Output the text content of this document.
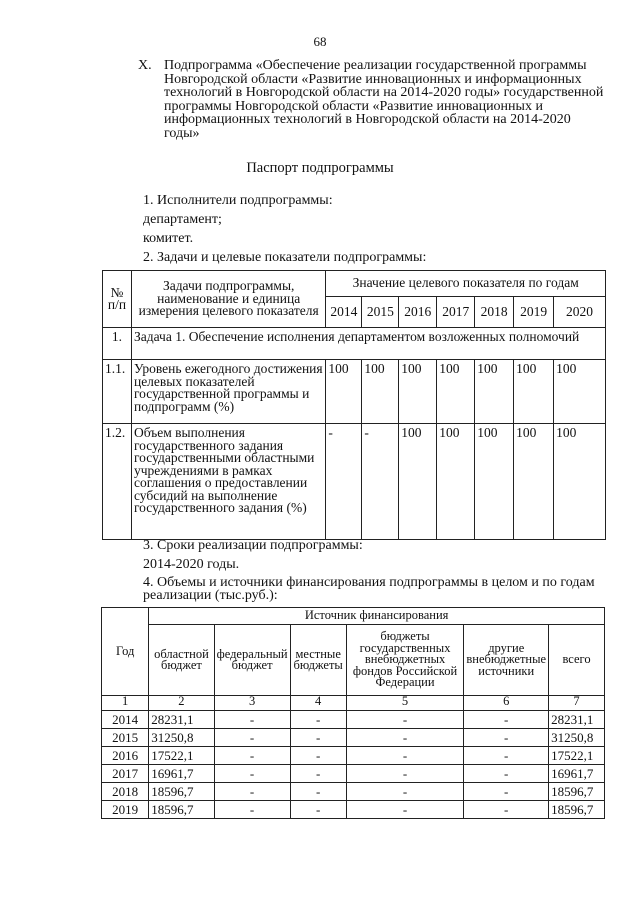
68
X. Подпрограмма «Обеспечение реализации государственной программы Новгородской области «Развитие инновационных и информационных технологий в Новгородской области на 2014-2020 годы» государственной программы Новгородской области «Развитие инновационных и информационных технологий в Новгородской области на 2014-2020 годы»
Паспорт подпрограммы
1. Исполнители подпрограммы:
департамент;
комитет.
2. Задачи и целевые показатели подпрограммы:
№ п/п	Задачи подпрограммы, наименование и единица измерения целевого показателя	Значение целевого показателя по годам						
		2014	2015	2016	2017	2018	2019	2020
1.	Задача 1. Обеспечение исполнения департаментом возложенных полномочий							
1.1.	Уровень ежегодного достижения целевых показателей государственной программы и подпрограмм (%)	100	100	100	100	100	100	100
1.2.	Объем выполнения государственного задания государственными областными учреждениями в рамках соглашения о предоставлении субсидий на выполнение государственного задания (%)	-	-	100	100	100	100	100
3. Сроки реализации подпрограммы:
2014-2020 годы.
4. Объемы и источники финансирования подпрограммы в целом и по годам реализации (тыс.руб.):
Год	Источник финансирования					
	областной бюджет	федеральный бюджет	местные бюджеты	бюджеты государственных внебюджетных фондов Российской Федерации	другие внебюджетные источники	всего
1	2	3	4	5	6	7
2014	28231,1	-	-	-	-	28231,1
2015	31250,8	-	-	-	-	31250,8
2016	17522,1	-	-	-	-	17522,1
2017	16961,7	-	-	-	-	16961,7
2018	18596,7	-	-	-	-	18596,7
2019	18596,7	-	-	-	-	18596,7
